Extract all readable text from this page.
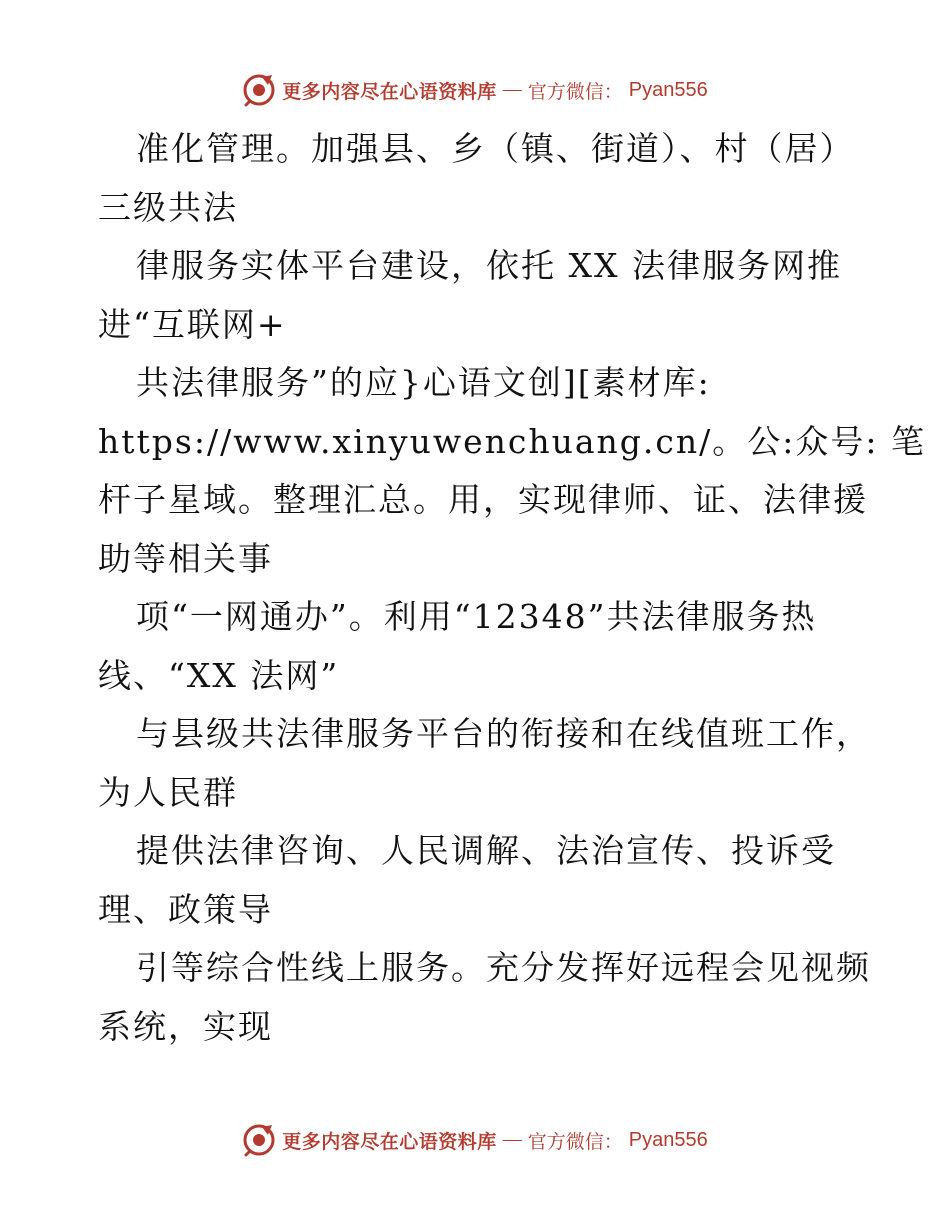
更多内容尽在心语资料库 — 官方微信： Pyan556
准化管理。加强县、乡（镇、街道）、村（居）
三级共法
律服务实体平台建设，依托 XX 法律服务网推
进“互联网+
共法律服务”的应}心语文创][素材库:
https://www.xinyuwenchuang.cn/。公:众号: 笔
杆子星域。整理汇总。用，实现律师、证、法律援
助等相关事
项“一网通办”。利用“12348”共法律服务热
线、“XX 法网”
与县级共法律服务平台的衔接和在线值班工作，
为人民群
提供法律咨询、人民调解、法治宣传、投诉受
理、政策导
引等综合性线上服务。充分发挥好远程会见视频
系统，实现
更多内容尽在心语资料库 — 官方微信： Pyan556
